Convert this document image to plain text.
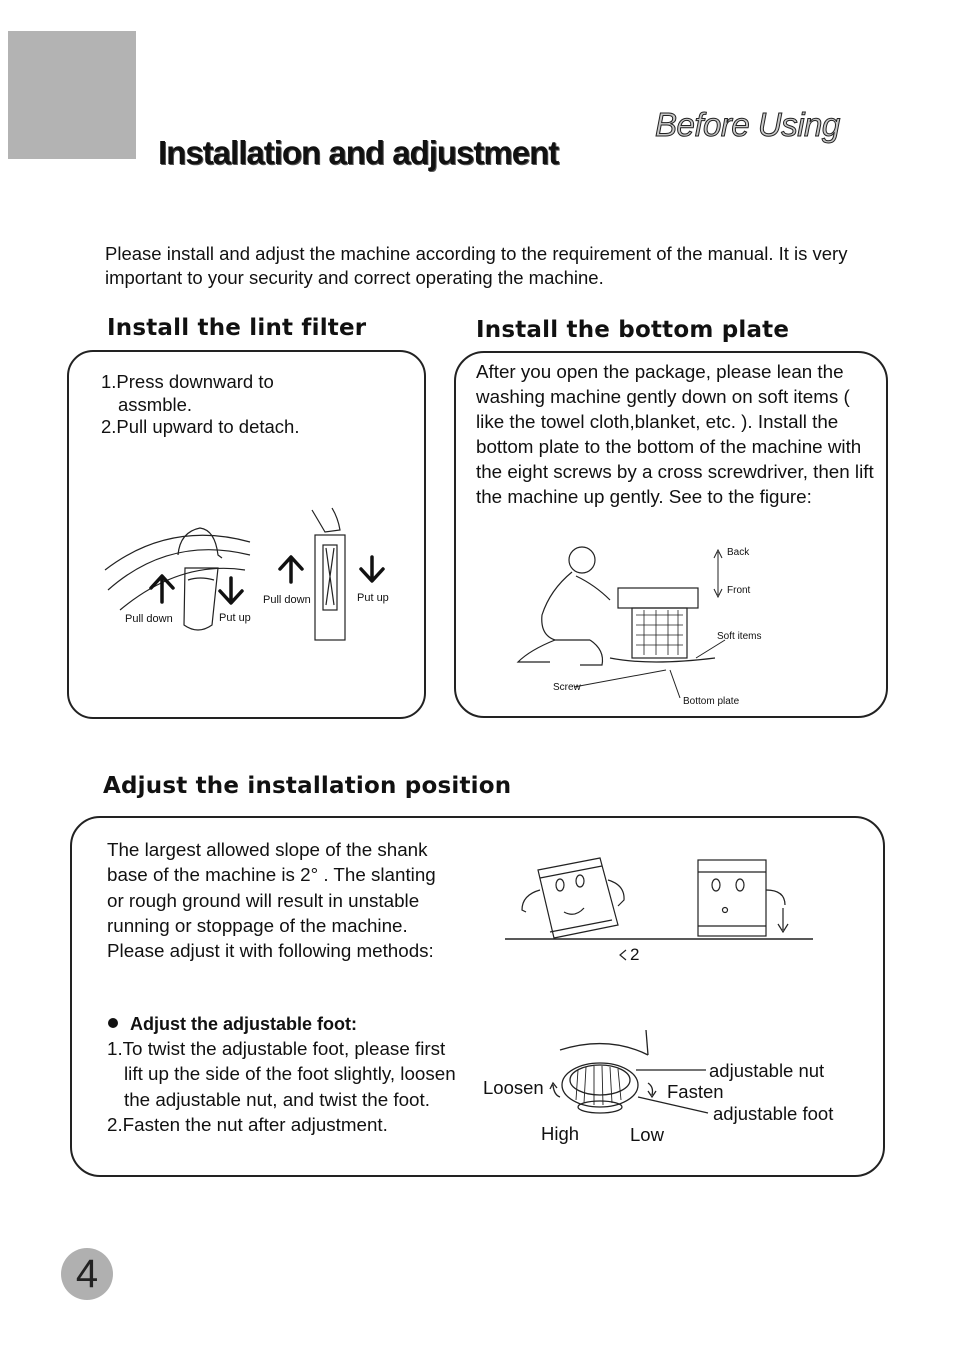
Installation and adjustment
Before Using
Please install and adjust the machine according to the requirement of the manual. It is very important to your security and correct operating the machine.
Install the lint filter
1.Press downward to
assmble.
2.Pull upward to detach.
Pull down	Put up
Pull down	Put up
Install the bottom plate
After you open the package, please lean the washing machine gently down on soft items ( like the towel cloth,blanket, etc. ). Install the bottom plate to the bottom of the machine with the eight screws by a cross screwdriver, then lift the machine up gently. See to the figure:
Back
Front
Soft items
Screw
Bottom plate
Adjust the installation position
The largest allowed slope of the shank base of the machine is 2° . The slanting or rough ground will result in unstable running or stoppage of the machine. Please adjust it with following methods:
Adjust the adjustable foot:
1.To twist the adjustable foot, please first lift up the side of the foot slightly, loosen the adjustable nut, and twist the foot.
2.Fasten the nut after adjustment.
2
Loosen	Fasten
adjustable nut
adjustable foot
High	Low
4
